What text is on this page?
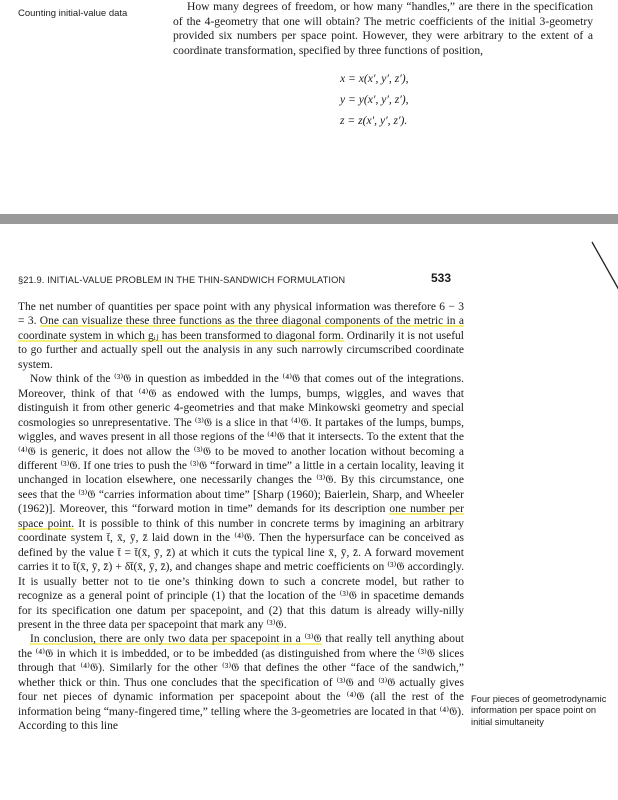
Counting initial-value data

How many degrees of freedom, or how many “handles,” are there in the specification of the 4-geometry that one will obtain? The metric coefficients of the initial 3-geometry provided six numbers per space point. However, they were arbitrary to the extent of a coordinate transformation, specified by three functions of position,

x = x(x′, y′, z′),
y = y(x′, y′, z′),
z = z(x′, y′, z′).
§21.9. INITIAL-VALUE PROBLEM IN THE THIN-SANDWICH FORMULATION	533

The net number of quantities per space point with any physical information was therefore 6 − 3 = 3. One can visualize these three functions as the three diagonal components of the metric in a coordinate system in which gᵢⱼ has been transformed to diagonal form. Ordinarily it is not useful to go further and actually spell out the analysis in any such narrowly circumscribed coordinate system.

Now think of the ⁽³⁾𝔊 in question as imbedded in the ⁽⁴⁾𝔊 that comes out of the integrations. Moreover, think of that ⁽⁴⁾𝔊 as endowed with the lumps, bumps, wiggles, and waves that distinguish it from other generic 4-geometries and that make Minkowski geometry and special cosmologies so unrepresentative. The ⁽³⁾𝔊 is a slice in that ⁽⁴⁾𝔊. It partakes of the lumps, bumps, wiggles, and waves present in all those regions of the ⁽⁴⁾𝔊 that it intersects. To the extent that the ⁽⁴⁾𝔊 is generic, it does not allow the ⁽³⁾𝔊 to be moved to another location without becoming a different ⁽³⁾𝔊. If one tries to push the ⁽³⁾𝔊 “forward in time” a little in a certain locality, leaving it unchanged in location elsewhere, one necessarily changes the ⁽³⁾𝔊. By this circumstance, one sees that the ⁽³⁾𝔊 “carries information about time” [Sharp (1960); Baierlein, Sharp, and Wheeler (1962)]. Moreover, this “forward motion in time” demands for its description one number per space point. It is possible to think of this number in concrete terms by imagining an arbitrary coordinate system t̄, x̄, ȳ, z̄ laid down in the ⁽⁴⁾𝔊. Then the hypersurface can be conceived as defined by the value t̄ = t̄(x̄, ȳ, z̄) at which it cuts the typical line x̄, ȳ, z̄. A forward movement carries it to t̄(x̄, ȳ, z̄) + δt̄(x̄, ȳ, z̄), and changes shape and metric coefficients on ⁽³⁾𝔊 accordingly. It is usually better not to tie one’s thinking down to such a concrete model, but rather to recognize as a general point of principle (1) that the location of the ⁽³⁾𝔊 in spacetime demands for its specification one datum per spacepoint, and (2) that this datum is already willy-nilly present in the three data per spacepoint that mark any ⁽³⁾𝔊.

In conclusion, there are only two data per spacepoint in a ⁽³⁾𝔊 that really tell anything about the ⁽⁴⁾𝔊 in which it is imbedded, or to be imbedded (as distinguished from where the ⁽³⁾𝔊 slices through that ⁽⁴⁾𝔊). Similarly for the other ⁽³⁾𝔊 that defines the other “face of the sandwich,” whether thick or thin. Thus one concludes that the specification of ⁽³⁾𝔊 and ⁽³⁾𝔊 actually gives four net pieces of dynamic information per spacepoint about the ⁽⁴⁾𝔊 (all the rest of the information being “many-fingered time,” telling where the 3-geometries are located in that ⁽⁴⁾𝔊). According to this line

Four pieces of geometrodynamic information per space point on initial simultaneity
